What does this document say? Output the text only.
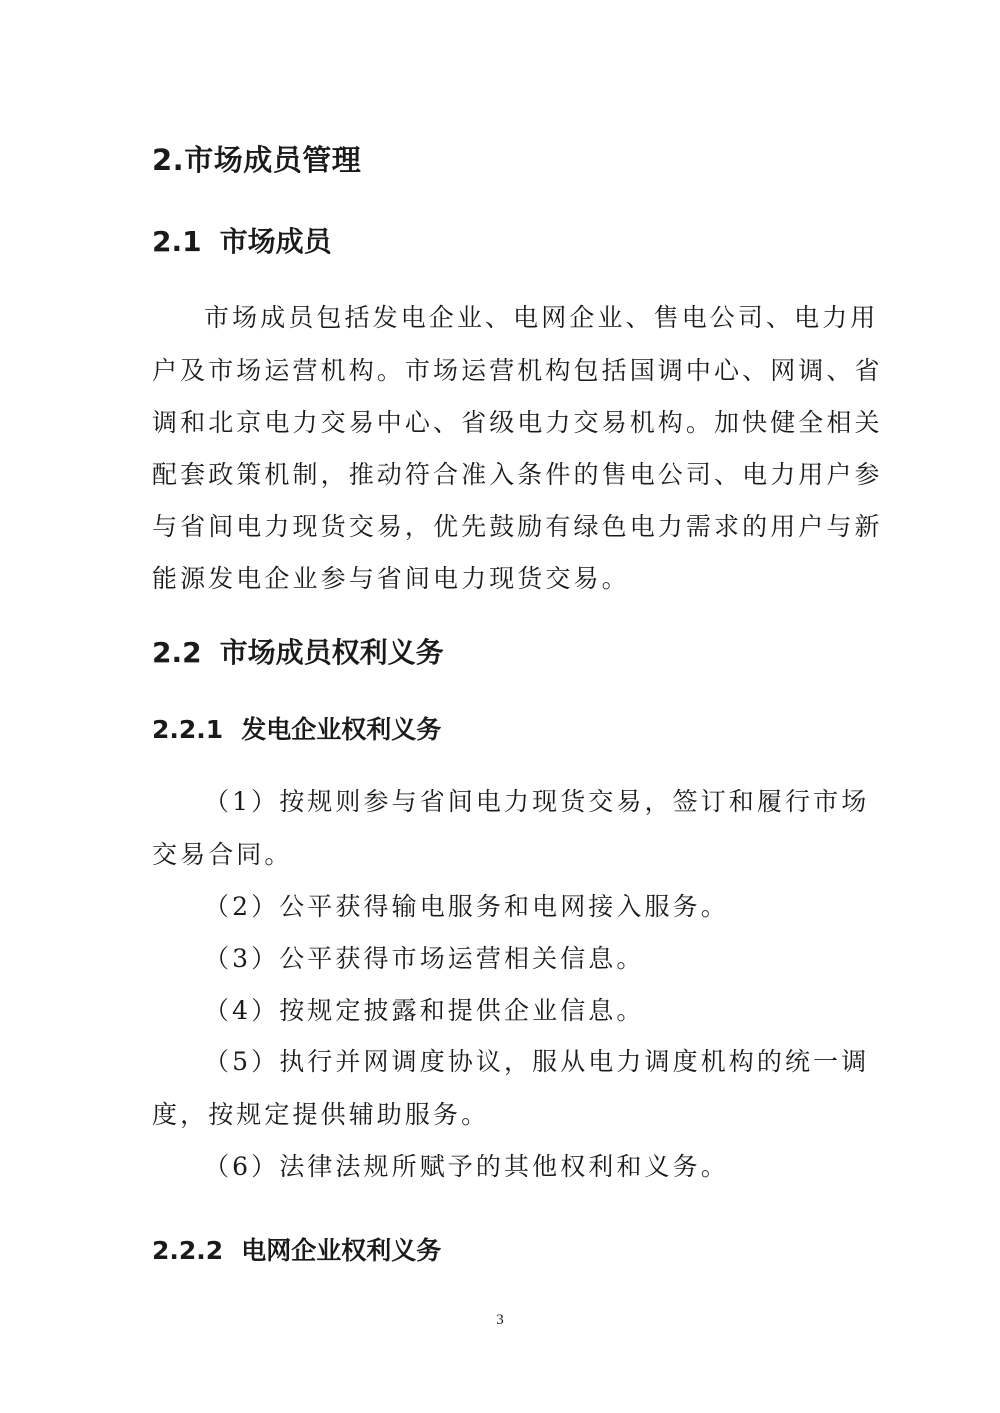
2.市场成员管理
2.1 市场成员
市场成员包括发电企业、电网企业、售电公司、电力用
户及市场运营机构。市场运营机构包括国调中心、网调、省
调和北京电力交易中心、省级电力交易机构。加快健全相关
配套政策机制，推动符合准入条件的售电公司、电力用户参
与省间电力现货交易，优先鼓励有绿色电力需求的用户与新
能源发电企业参与省间电力现货交易。
2.2 市场成员权利义务
2.2.1 发电企业权利义务
（1）按规则参与省间电力现货交易，签订和履行市场
交易合同。
（2）公平获得输电服务和电网接入服务。
（3）公平获得市场运营相关信息。
（4）按规定披露和提供企业信息。
（5）执行并网调度协议，服从电力调度机构的统一调
度，按规定提供辅助服务。
（6）法律法规所赋予的其他权利和义务。
2.2.2 电网企业权利义务
3
